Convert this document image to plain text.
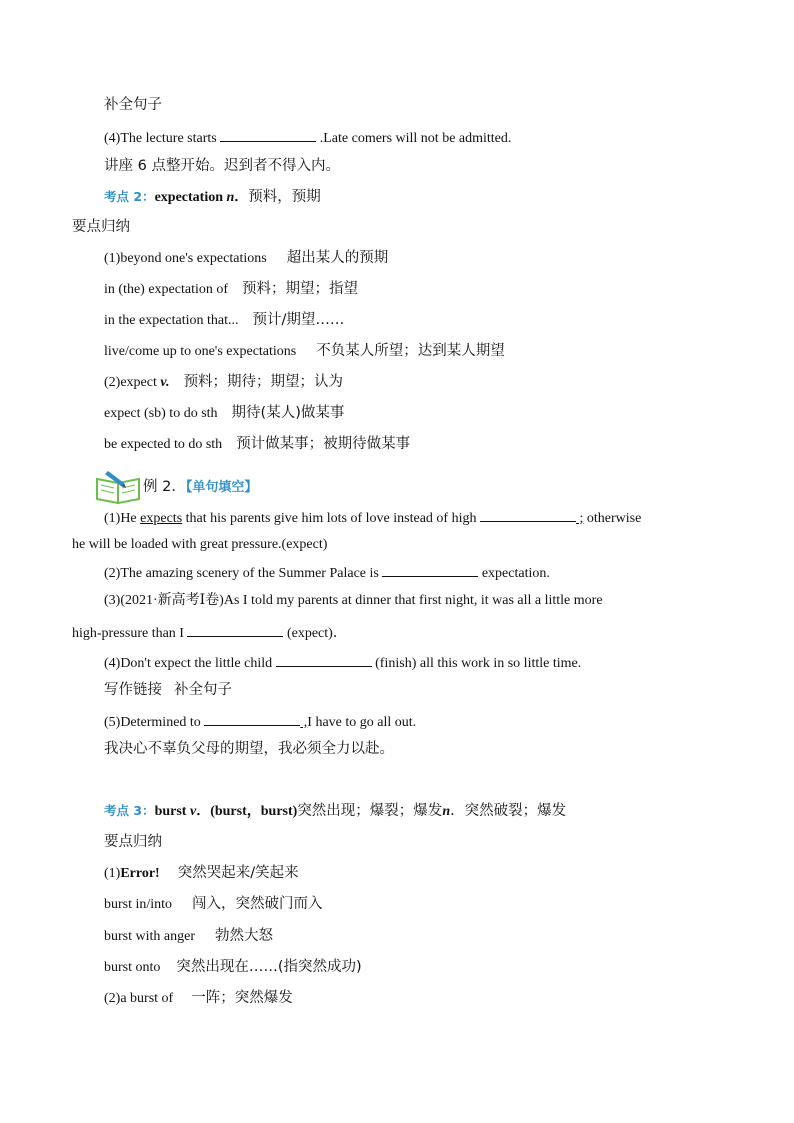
补全句子
(4)The lecture starts	.Late comers will not be admitted.
讲座 6 点整开始。迟到者不得入内。
考点 2：expectation n．预料，预期
要点归纳
(1)beyond one's expectations 超出某人的预期
in (the) expectation of 预料；期望；指望
in the expectation that... 预计/期望……
live/come up to one's expectations 不负某人所望；达到某人期望
(2)expect v. 预料；期待；期望；认为
expect (sb) to do sth 期待(某人)做某事
be expected to do sth 预计做某事；被期待做某事
例 2．【单句填空】
(1)He expects that his parents give him lots of love instead of high	; otherwise
he will be loaded with great pressure.(expect)
(2)The amazing scenery of the Summer Palace is	expectation.
(3)(2021·新高考Ⅰ卷)As I told my parents at dinner that first night, it was all a little more
high-pressure than I	(expect)．
(4)Don't expect the little child	(finish) all this work in so little time.
写作链接 补全句子
(5)Determined to	,I have to go all out.
我决心不辜负父母的期望，我必须全力以赴。
考点 3：burst v．(burst，burst)突然出现；爆裂；爆发n．突然破裂；爆发
要点归纳
(1)Error! 突然哭起来/笑起来
burst in/into 闯入，突然破门而入
burst with anger 勃然大怒
burst onto 突然出现在……(指突然成功)
(2)a burst of 一阵；突然爆发
